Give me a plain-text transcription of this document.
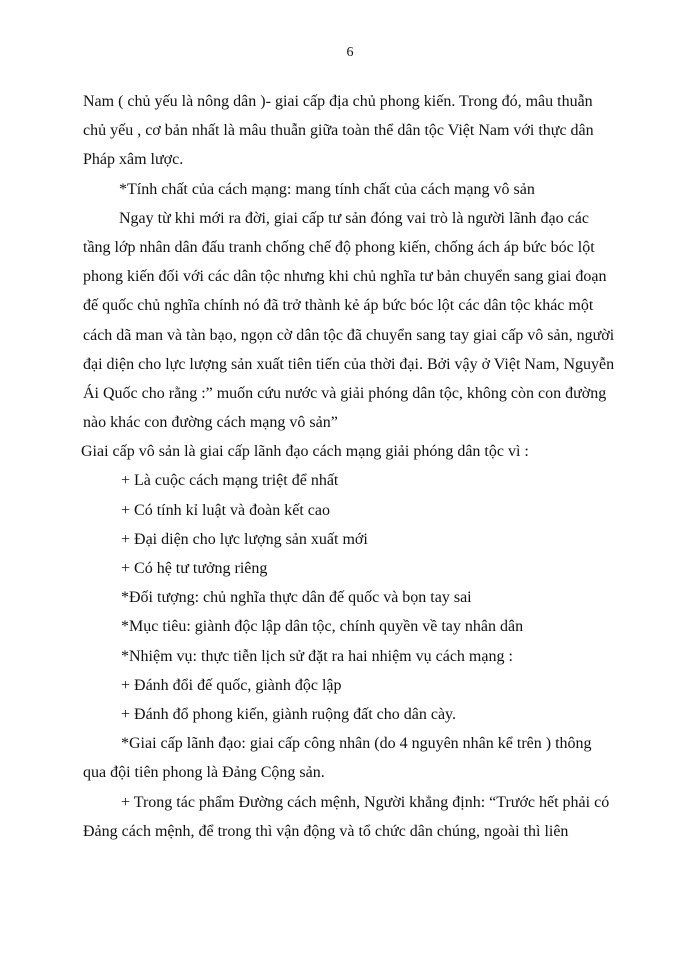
6
Nam ( chủ yếu là nông dân )- giai cấp địa chủ phong kiến. Trong đó, mâu thuẫn
chủ yếu , cơ bản nhất là mâu thuẫn giữa toàn thể dân tộc Việt Nam với thực dân
Pháp xâm lược.
*Tính chất của cách mạng: mang tính chất của cách mạng vô sản
Ngay từ khi mới ra đời, giai cấp tư sản đóng vai trò là người lãnh đạo các
tầng lớp nhân dân đấu tranh chống chế độ phong kiến, chống ách áp bức bóc lột
phong kiến đối với các dân tộc nhưng khi chủ nghĩa tư bản chuyển sang giai đoạn
đế quốc chủ nghĩa chính nó đã trở thành kẻ áp bức bóc lột các dân tộc khác một
cách dã man và tàn bạo, ngọn cờ dân tộc đã chuyển sang tay giai cấp vô sản, người
đại diện cho lực lượng sản xuất tiên tiến của thời đại. Bởi vậy ở Việt Nam, Nguyễn
Ái Quốc cho rằng :” muốn cứu nước và giải phóng dân tộc, không còn con đường
nào khác con đường cách mạng vô sản”
Giai cấp vô sản là giai cấp lãnh đạo cách mạng giải phóng dân tộc vì :
+ Là cuộc cách mạng triệt để nhất
+ Có tính kỉ luật và đoàn kết cao
+ Đại diện cho lực lượng sản xuất mới
+ Có hệ tư tưởng riêng
*Đối tượng: chủ nghĩa thực dân đế quốc và bọn tay sai
*Mục tiêu: giành độc lập dân tộc, chính quyền về tay nhân dân
*Nhiệm vụ: thực tiễn lịch sử đặt ra hai nhiệm vụ cách mạng :
+ Đánh đổi đế quốc, giành độc lập
+ Đánh đổ phong kiến, giành ruộng đất cho dân cày.
*Giai cấp lãnh đạo: giai cấp công nhân (do 4 nguyên nhân kể trên ) thông
qua đội tiên phong là Đảng Cộng sản.
+ Trong tác phẩm Đường cách mệnh, Người khẳng định: “Trước hết phải có
Đảng cách mệnh, để trong thì vận động và tổ chức dân chúng, ngoài thì liên
